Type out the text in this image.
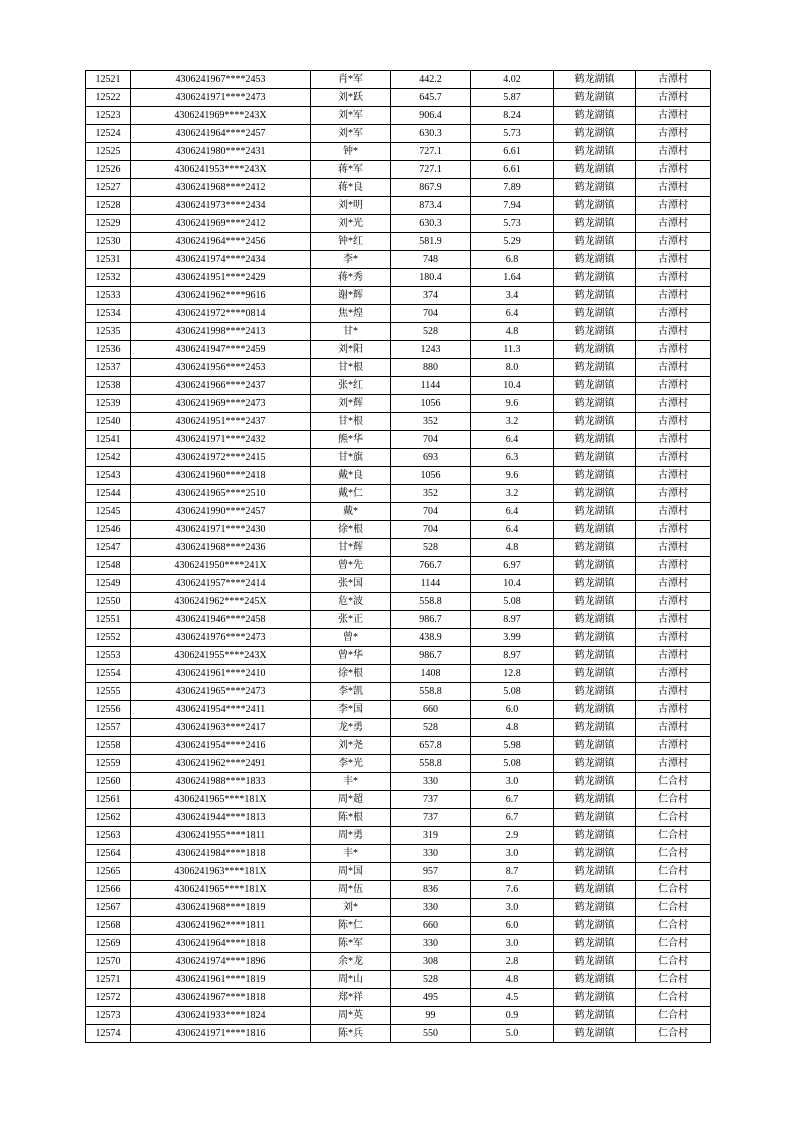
12521	4306241967****2453	肖*军	442.2	4.02	鹤龙湖镇	古潭村
12522	4306241971****2473	刘*跃	645.7	5.87	鹤龙湖镇	古潭村
12523	4306241969****243X	刘*军	906.4	8.24	鹤龙湖镇	古潭村
12524	4306241964****2457	刘*军	630.3	5.73	鹤龙湖镇	古潭村
12525	4306241980****2431	钟*	727.1	6.61	鹤龙湖镇	古潭村
12526	4306241953****243X	蒋*军	727.1	6.61	鹤龙湖镇	古潭村
12527	4306241968****2412	蒋*良	867.9	7.89	鹤龙湖镇	古潭村
12528	4306241973****2434	刘*明	873.4	7.94	鹤龙湖镇	古潭村
12529	4306241969****2412	刘*光	630.3	5.73	鹤龙湖镇	古潭村
12530	4306241964****2456	钟*红	581.9	5.29	鹤龙湖镇	古潭村
12531	4306241974****2434	李*	748	6.8	鹤龙湖镇	古潭村
12532	4306241951****2429	蒋*秀	180.4	1.64	鹤龙湖镇	古潭村
12533	4306241962****9616	谢*辉	374	3.4	鹤龙湖镇	古潭村
12534	4306241972****0814	焦*煌	704	6.4	鹤龙湖镇	古潭村
12535	4306241998****2413	甘*	528	4.8	鹤龙湖镇	古潭村
12536	4306241947****2459	刘*阳	1243	11.3	鹤龙湖镇	古潭村
12537	4306241956****2453	甘*根	880	8.0	鹤龙湖镇	古潭村
12538	4306241966****2437	张*红	1144	10.4	鹤龙湖镇	古潭村
12539	4306241969****2473	刘*辉	1056	9.6	鹤龙湖镇	古潭村
12540	4306241951****2437	甘*根	352	3.2	鹤龙湖镇	古潭村
12541	4306241971****2432	熊*华	704	6.4	鹤龙湖镇	古潭村
12542	4306241972****2415	甘*旗	693	6.3	鹤龙湖镇	古潭村
12543	4306241960****2418	戴*良	1056	9.6	鹤龙湖镇	古潭村
12544	4306241965****2510	戴*仁	352	3.2	鹤龙湖镇	古潭村
12545	4306241990****2457	戴*	704	6.4	鹤龙湖镇	古潭村
12546	4306241971****2430	徐*根	704	6.4	鹤龙湖镇	古潭村
12547	4306241968****2436	甘*辉	528	4.8	鹤龙湖镇	古潭村
12548	4306241950****241X	曾*先	766.7	6.97	鹤龙湖镇	古潭村
12549	4306241957****2414	张*国	1144	10.4	鹤龙湖镇	古潭村
12550	4306241962****245X	危*波	558.8	5.08	鹤龙湖镇	古潭村
12551	4306241946****2458	张*正	986.7	8.97	鹤龙湖镇	古潭村
12552	4306241976****2473	曾*	438.9	3.99	鹤龙湖镇	古潭村
12553	4306241955****243X	曾*华	986.7	8.97	鹤龙湖镇	古潭村
12554	4306241961****2410	徐*根	1408	12.8	鹤龙湖镇	古潭村
12555	4306241965****2473	李*凯	558.8	5.08	鹤龙湖镇	古潭村
12556	4306241954****2411	李*国	660	6.0	鹤龙湖镇	古潭村
12557	4306241963****2417	龙*勇	528	4.8	鹤龙湖镇	古潭村
12558	4306241954****2416	刘*尧	657.8	5.98	鹤龙湖镇	古潭村
12559	4306241962****2491	李*光	558.8	5.08	鹤龙湖镇	古潭村
12560	4306241988****1833	丰*	330	3.0	鹤龙湖镇	仁合村
12561	4306241965****181X	周*超	737	6.7	鹤龙湖镇	仁合村
12562	4306241944****1813	陈*根	737	6.7	鹤龙湖镇	仁合村
12563	4306241955****1811	周*勇	319	2.9	鹤龙湖镇	仁合村
12564	4306241984****1818	丰*	330	3.0	鹤龙湖镇	仁合村
12565	4306241963****181X	周*国	957	8.7	鹤龙湖镇	仁合村
12566	4306241965****181X	周*伍	836	7.6	鹤龙湖镇	仁合村
12567	4306241968****1819	刘*	330	3.0	鹤龙湖镇	仁合村
12568	4306241962****1811	陈*仁	660	6.0	鹤龙湖镇	仁合村
12569	4306241964****1818	陈*军	330	3.0	鹤龙湖镇	仁合村
12570	4306241974****1896	余*龙	308	2.8	鹤龙湖镇	仁合村
12571	4306241961****1819	周*山	528	4.8	鹤龙湖镇	仁合村
12572	4306241967****1818	郑*祥	495	4.5	鹤龙湖镇	仁合村
12573	4306241933****1824	周*英	99	0.9	鹤龙湖镇	仁合村
12574	4306241971****1816	陈*兵	550	5.0	鹤龙湖镇	仁合村
